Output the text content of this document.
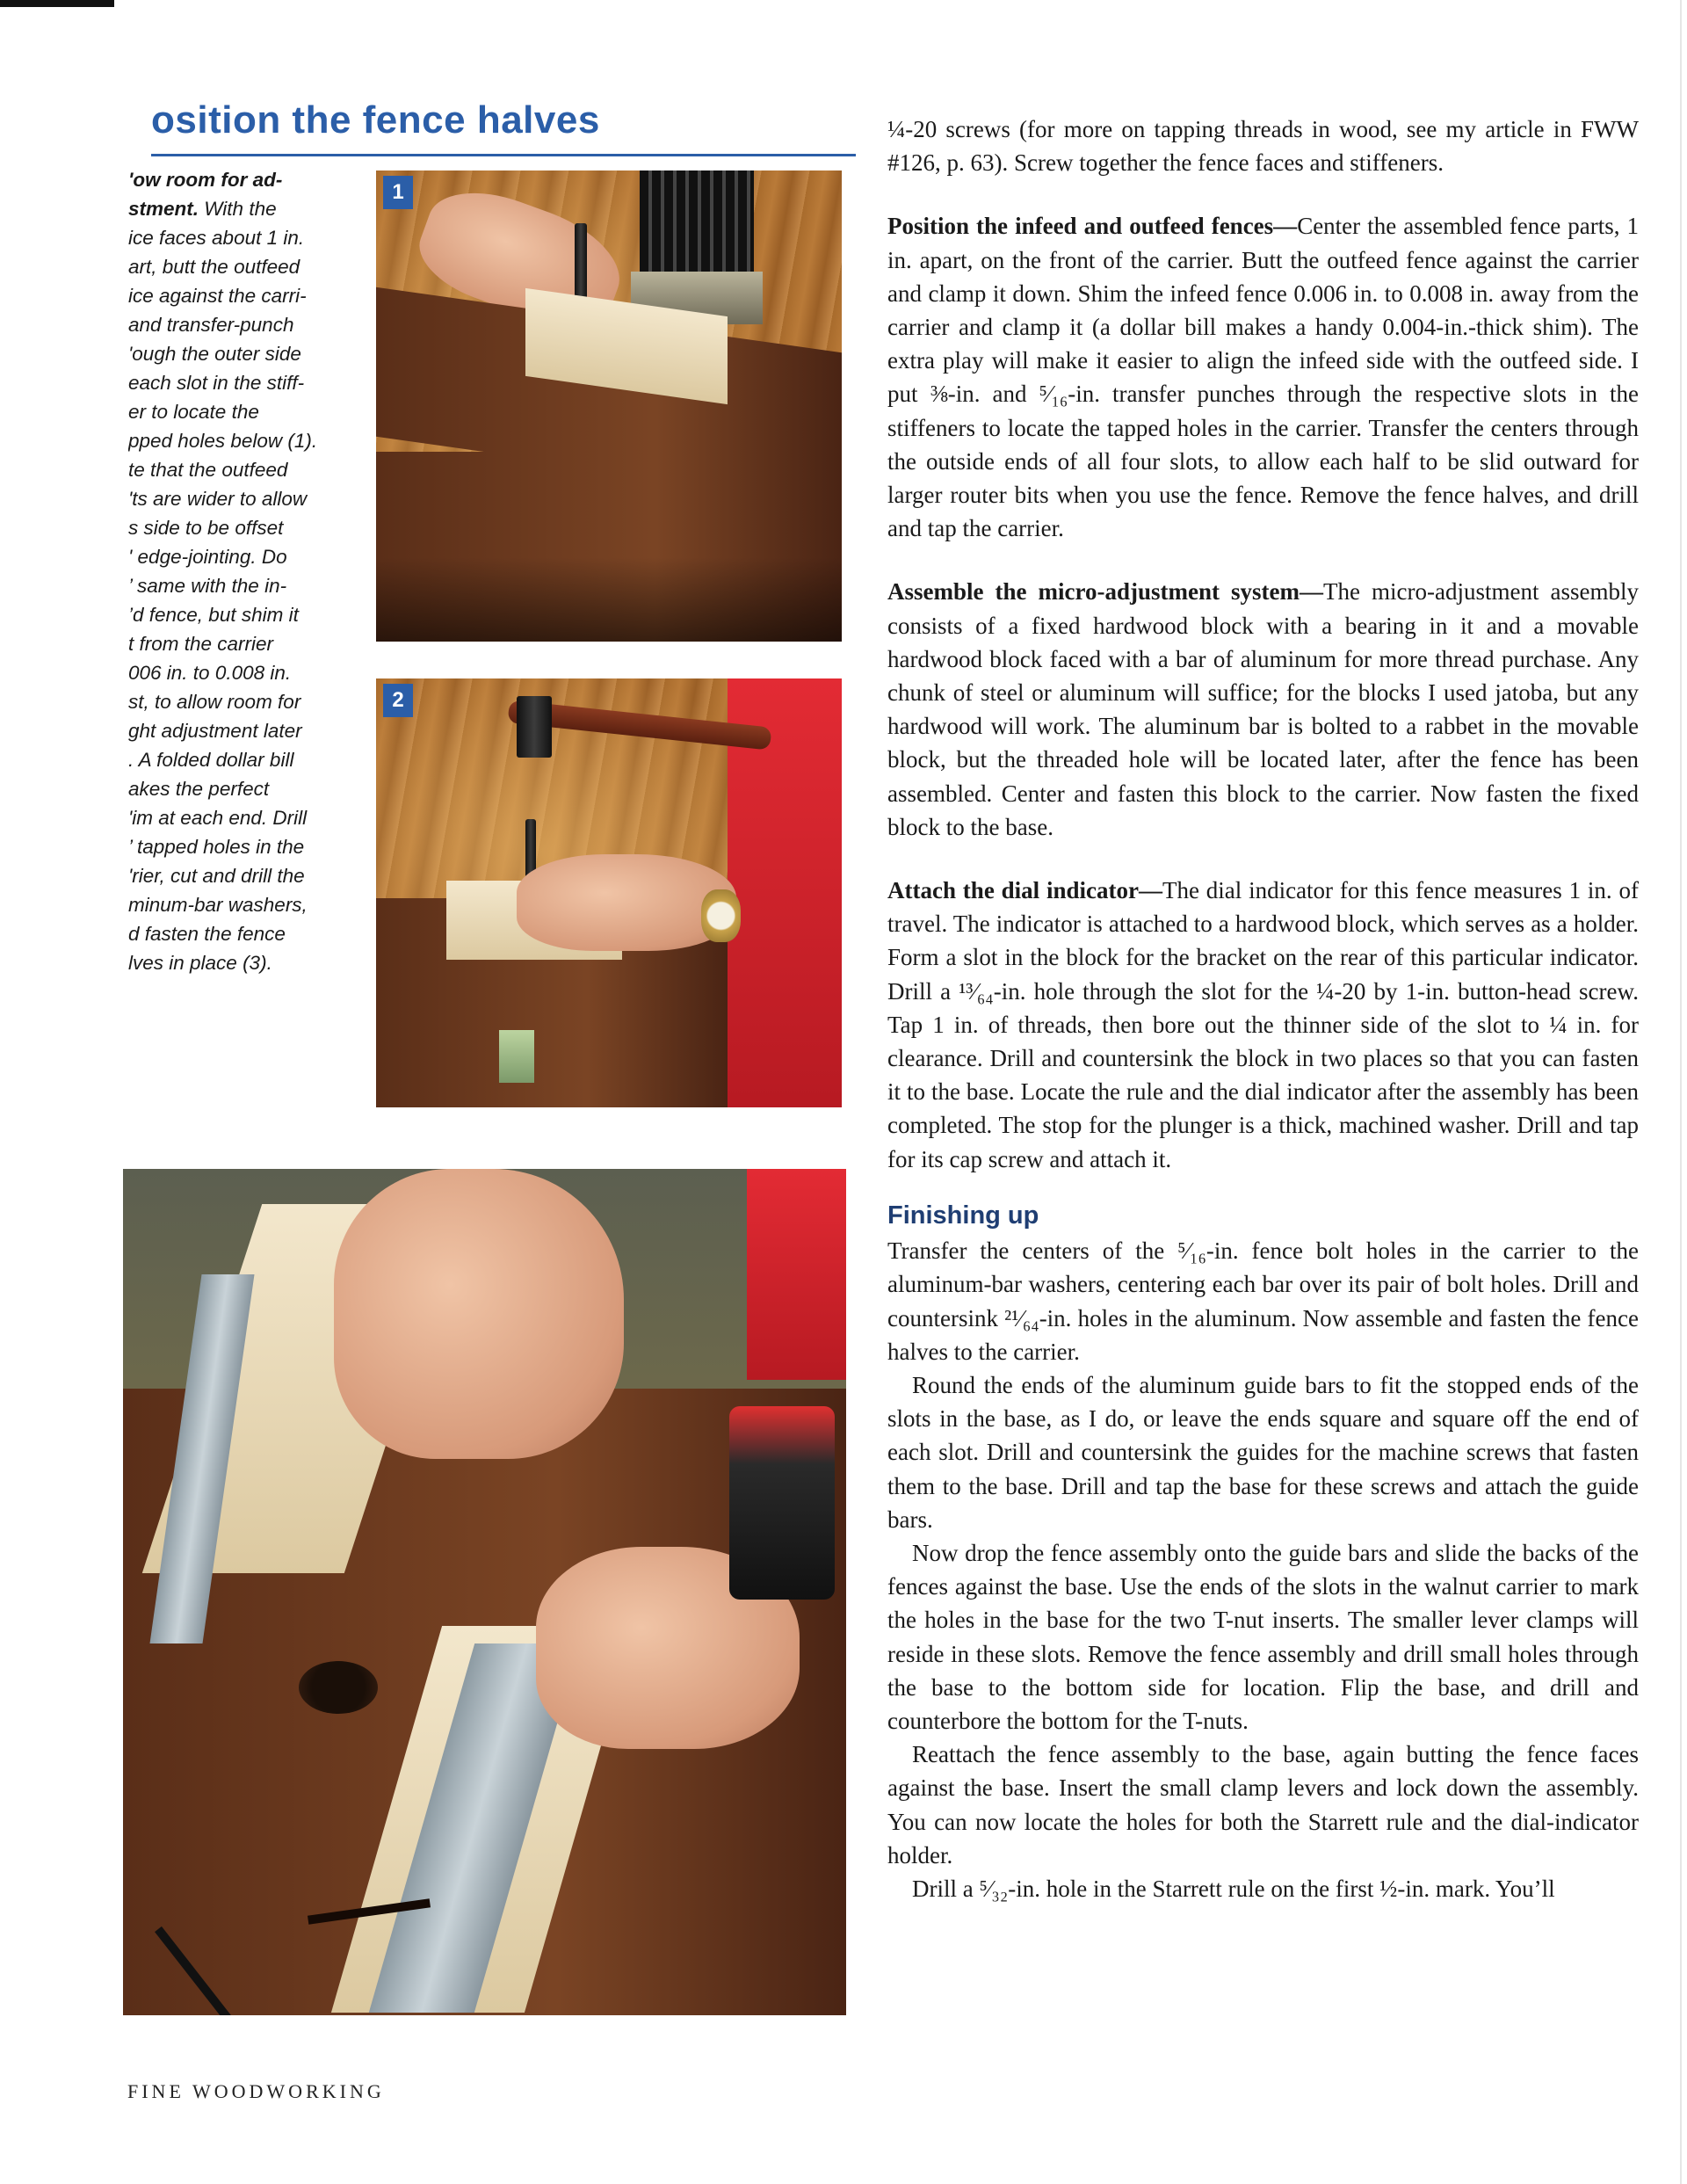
osition the fence halves

'ow room for ad-
stment. With the
ice faces about 1 in.
art, butt the outfeed
ice against the carri-
and transfer-punch
'ough the outer side
each slot in the stiff-
er to locate the
pped holes below (1).
te that the outfeed
'ts are wider to allow
s side to be offset
' edge-jointing. Do
’ same with the in-
’d fence, but shim it
t from the carrier
006 in. to 0.008 in.
st, to allow room for
ght adjustment later
. A folded dollar bill
akes the perfect
'im at each end. Drill
’ tapped holes in the
'rier, cut and drill the
minum-bar washers,
d fasten the fence
lves in place (3).

1
2

¼-20 screws (for more on tapping threads in wood, see my article in FWW #126, p. 63). Screw together the fence faces and stiffeners.

Position the infeed and outfeed fences—Center the assembled fence parts, 1 in. apart, on the front of the carrier. Butt the outfeed fence against the carrier and clamp it down. Shim the infeed fence 0.006 in. to 0.008 in. away from the carrier and clamp it (a dollar bill makes a handy 0.004-in.-thick shim). The extra play will make it easier to align the infeed side with the outfeed side. I put ⅜-in. and ⁵⁄₁₆-in. transfer punches through the respective slots in the stiffeners to locate the tapped holes in the carrier. Transfer the centers through the outside ends of all four slots, to allow each half to be slid outward for larger router bits when you use the fence. Remove the fence halves, and drill and tap the carrier.

Assemble the micro-adjustment system—The micro-adjustment assembly consists of a fixed hardwood block with a bearing in it and a movable hardwood block faced with a bar of aluminum for more thread purchase. Any chunk of steel or aluminum will suffice; for the blocks I used jatoba, but any hardwood will work. The aluminum bar is bolted to a rabbet in the movable block, but the threaded hole will be located later, after the fence has been assembled. Center and fasten this block to the carrier. Now fasten the fixed block to the base.

Attach the dial indicator—The dial indicator for this fence measures 1 in. of travel. The indicator is attached to a hardwood block, which serves as a holder. Form a slot in the block for the bracket on the rear of this particular indicator. Drill a ¹³⁄₆₄-in. hole through the slot for the ¼-20 by 1-in. button-head screw. Tap 1 in. of threads, then bore out the thinner side of the slot to ¼ in. for clearance. Drill and countersink the block in two places so that you can fasten it to the base. Locate the rule and the dial indicator after the assembly has been completed. The stop for the plunger is a thick, machined washer. Drill and tap for its cap screw and attach it.

Finishing up

Transfer the centers of the ⁵⁄₁₆-in. fence bolt holes in the carrier to the aluminum-bar washers, centering each bar over its pair of bolt holes. Drill and countersink ²¹⁄₆₄-in. holes in the aluminum. Now assemble and fasten the fence halves to the carrier.

Round the ends of the aluminum guide bars to fit the stopped ends of the slots in the base, as I do, or leave the ends square and square off the end of each slot. Drill and countersink the guides for the machine screws that fasten them to the base. Drill and tap the base for these screws and attach the guide bars.

Now drop the fence assembly onto the guide bars and slide the backs of the fences against the base. Use the ends of the slots in the walnut carrier to mark the holes in the base for the two T-nut inserts. The smaller lever clamps will reside in these slots. Remove the fence assembly and drill small holes through the base to the bottom side for location. Flip the base, and drill and counterbore the bottom for the T-nuts.

Reattach the fence assembly to the base, again butting the fence faces against the base. Insert the small clamp levers and lock down the assembly. You can now locate the holes for both the Starrett rule and the dial-indicator holder.

Drill a ⁵⁄₃₂-in. hole in the Starrett rule on the first ½-in. mark. You’ll

FINE WOODWORKING
